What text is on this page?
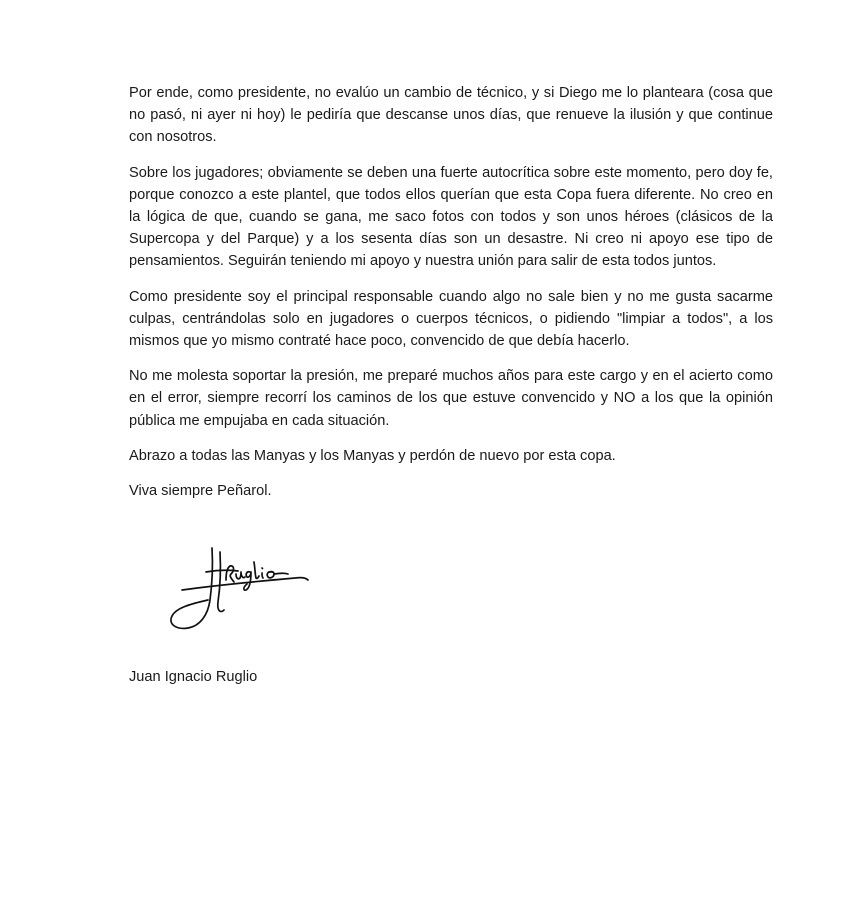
Por ende, como presidente, no evalúo un cambio de técnico, y si Diego me lo planteara (cosa que no pasó, ni ayer ni hoy) le pediría que descanse unos días, que renueve la ilusión y que continue con nosotros.

Sobre los jugadores; obviamente se deben una fuerte autocrítica sobre este momento, pero doy fe, porque conozco a este plantel, que todos ellos querían que esta Copa fuera diferente. No creo en la lógica de que, cuando se gana, me saco fotos con todos y son unos héroes (clásicos de la Supercopa y del Parque) y a los sesenta días son un desastre. Ni creo ni apoyo ese tipo de pensamientos. Seguirán teniendo mi apoyo y nuestra unión para salir de esta todos juntos.

Como presidente soy el principal responsable cuando algo no sale bien y no me gusta sacarme culpas, centrándolas solo en jugadores o cuerpos técnicos, o pidiendo "limpiar a todos", a los mismos que yo mismo contraté hace poco, convencido de que debía hacerlo.

No me molesta soportar la presión, me preparé muchos años para este cargo y en el acierto como en el error, siempre recorrí los caminos de los que estuve convencido y NO a los que la opinión pública me empujaba en cada situación.

Abrazo a todas las Manyas y los Manyas y perdón de nuevo por esta copa.

Viva siempre Peñarol.

Juan Ignacio Ruglio
